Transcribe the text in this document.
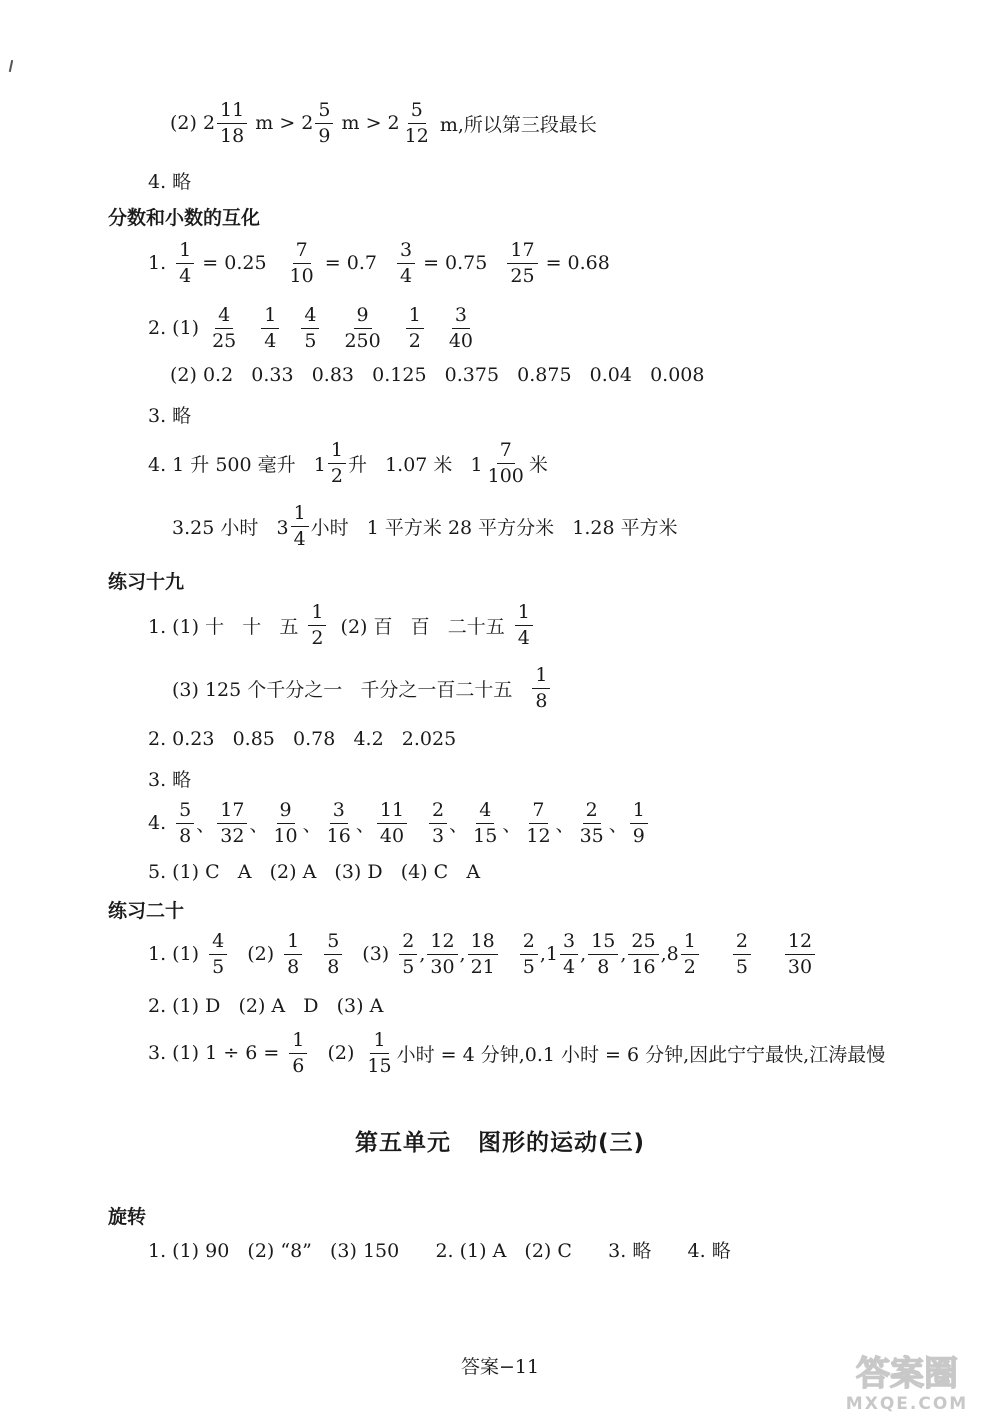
(2) 2
11
18
m > 2
5
9
m > 2
5
12 m,所以第三段最长
4. 略
分数和小数的互化
1. $\frac{1}{4} = 0.25 \frac{7}{10} = 0.7 \frac{3}{4} = 0.75 \frac{17}{25} = 0.68$
2. (1)
4
25
1
4
4
5
9
250
1
2
3
40
(2) 0.2   0.33   0.83   0.125   0.375   0.875   0.04   0.008
3. 略
4. 1 升 500 毫升   1
1
2 升   1.07 米   1
7
100 米
3.25 小时   3
1
4 小时   1 平方米 28 平方分米   1.28 平方米
练习十九
1. (1) 十   十   五
1
2 (2) 百   百   二十五
1
4
(3) 125 个千分之一   千分之一百二十五
1
8
2. 0.23   0.85   0.78   4.2   2.025
3. 略
4.
5
8 、
17
32 、
9
10 、
3
16 、
11
40
2
3 、
4
15 、
7
12 、
2
35 、
1
9
5. (1) C   A   (2) A   (3) D   (4) C   A
练习二十
1. (1)
4
5
(2)
1
8
5
8
(3)
2
5
,
12
30
,
18
21
2
5
, 1
3
4
,
15
8
,
25
16
, 8
1
2
2
5
12
30
2. (1) D   (2) A   D   (3) A
3. (1) 1 ÷ 6 =
1
6
(2)
1
15 小时 = 4 分钟,0.1 小时 = 6 分钟,因此宁宁最快,江涛最慢
第五单元   图形的运动(三)
旋转
1. (1) 90   (2) “8”   (3) 150      2. (1) A   (2) C      3. 略      4. 略
答案−11	答案圈
MXQE.COM
